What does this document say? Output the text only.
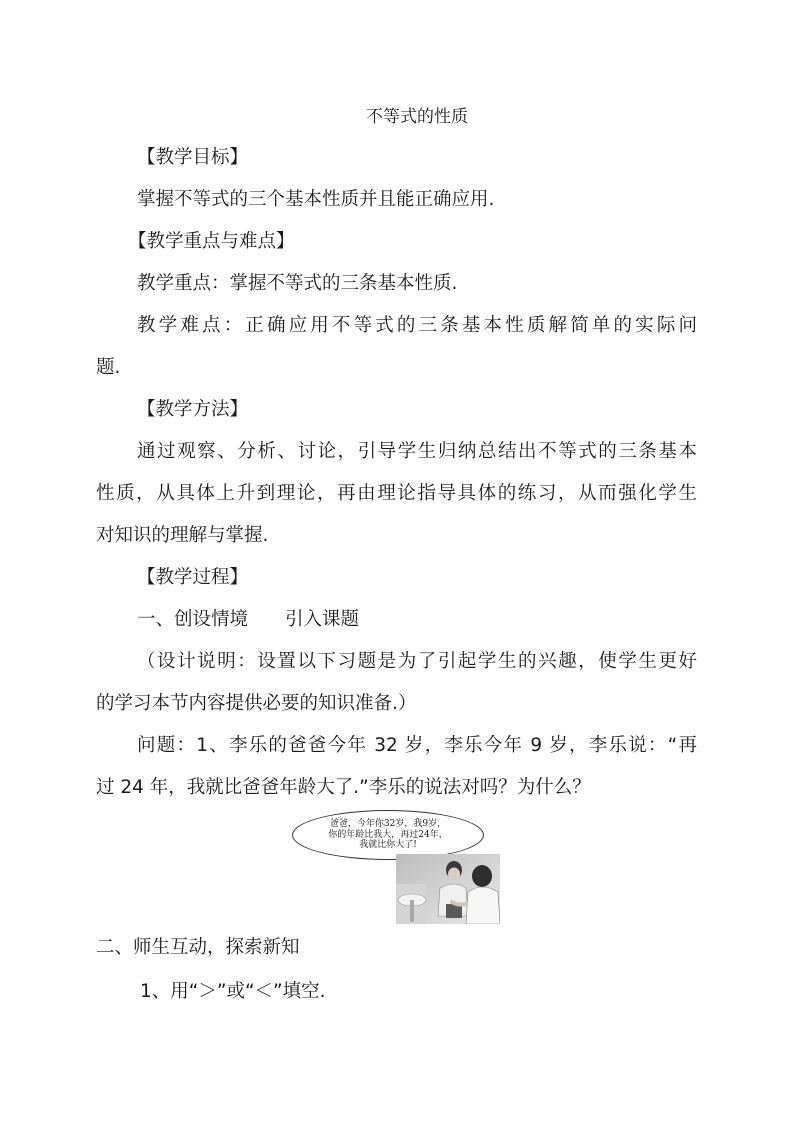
不等式的性质
【教学目标】
掌握不等式的三个基本性质并且能正确应用.
【教学重点与难点】
教学重点：掌握不等式的三条基本性质.
教学难点：正确应用不等式的三条基本性质解简单的实际问
题.
【教学方法】
通过观察、分析、讨论，引导学生归纳总结出不等式的三条基本
性质，从具体上升到理论，再由理论指导具体的练习，从而强化学生
对知识的理解与掌握.
【教学过程】
一、创设情境　　引入课题
（设计说明：设置以下习题是为了引起学生的兴趣，使学生更好
的学习本节内容提供必要的知识准备.）
问题：1、李乐的爸爸今年 32 岁，李乐今年 9 岁，李乐说：“再
过 24 年，我就比爸爸年龄大了.”李乐的说法对吗？为什么？
爸爸，今年你32岁，我9岁，
你的年龄比我大，再过24年，
我就比你大了!
二、师生互动，探索新知
1、用“＞”或“＜”填空.
